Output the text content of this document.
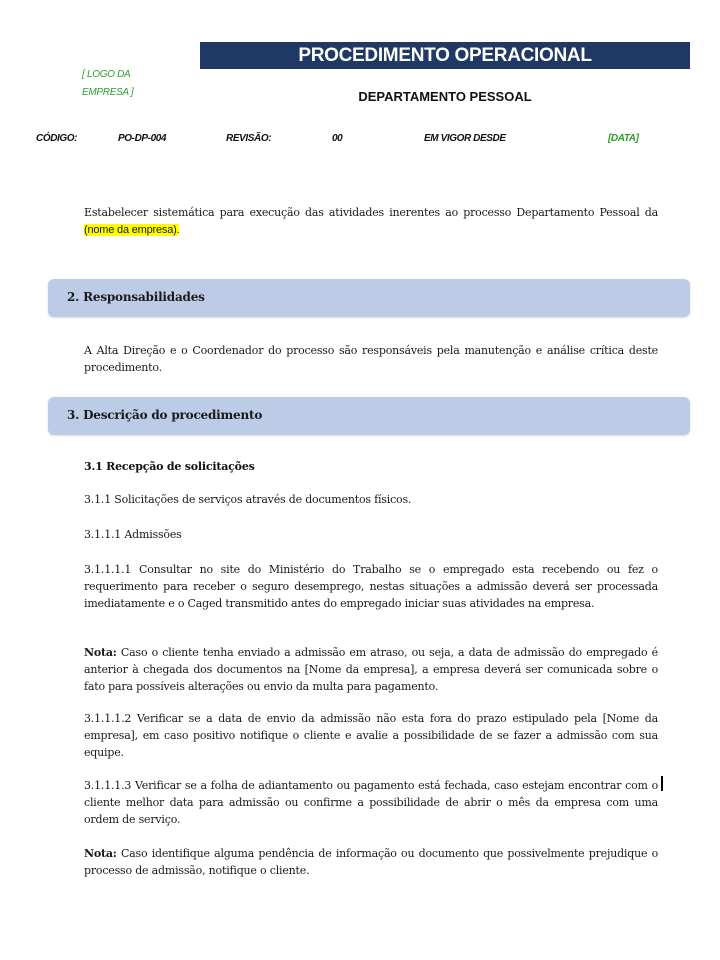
[ LOGO DA EMPRESA ]
PROCEDIMENTO OPERACIONAL
DEPARTAMENTO PESSOAL
CÓDIGO:	PO-DP-004	REVISÃO:	00	EM VIGOR DESDE	[DATA]
Estabelecer sistemática para execução das atividades inerentes ao processo Departamento Pessoal da (nome da empresa).
2. Responsabilidades
A Alta Direção e o Coordenador do processo são responsáveis pela manutenção e análise crítica deste procedimento.
3. Descrição do procedimento
3.1 Recepção de solicitações
3.1.1 Solicitações de serviços através de documentos físicos.
3.1.1.1 Admissões
3.1.1.1.1 Consultar no site do Ministério do Trabalho se o empregado esta recebendo ou fez o requerimento para receber o seguro desemprego, nestas situações a admissão deverá ser processada imediatamente e o Caged transmitido antes do empregado iniciar suas atividades na empresa.
Nota: Caso o cliente tenha enviado a admissão em atraso, ou seja, a data de admissão do empregado é anterior à chegada dos documentos na [Nome da empresa], a empresa deverá ser comunicada sobre o fato para possíveis alterações ou envio da multa para pagamento.
3.1.1.1.2 Verificar se a data de envio da admissão não esta fora do prazo estipulado pela [Nome da empresa], em caso positivo notifique o cliente e avalie a possibilidade de se fazer a admissão com sua equipe.
3.1.1.1.3 Verificar se a folha de adiantamento ou pagamento está fechada, caso estejam encontrar com o cliente melhor data para admissão ou confirme a possibilidade de abrir o mês da empresa com uma ordem de serviço.
Nota: Caso identifique alguma pendência de informação ou documento que possivelmente prejudique o processo de admissão, notifique o cliente.
